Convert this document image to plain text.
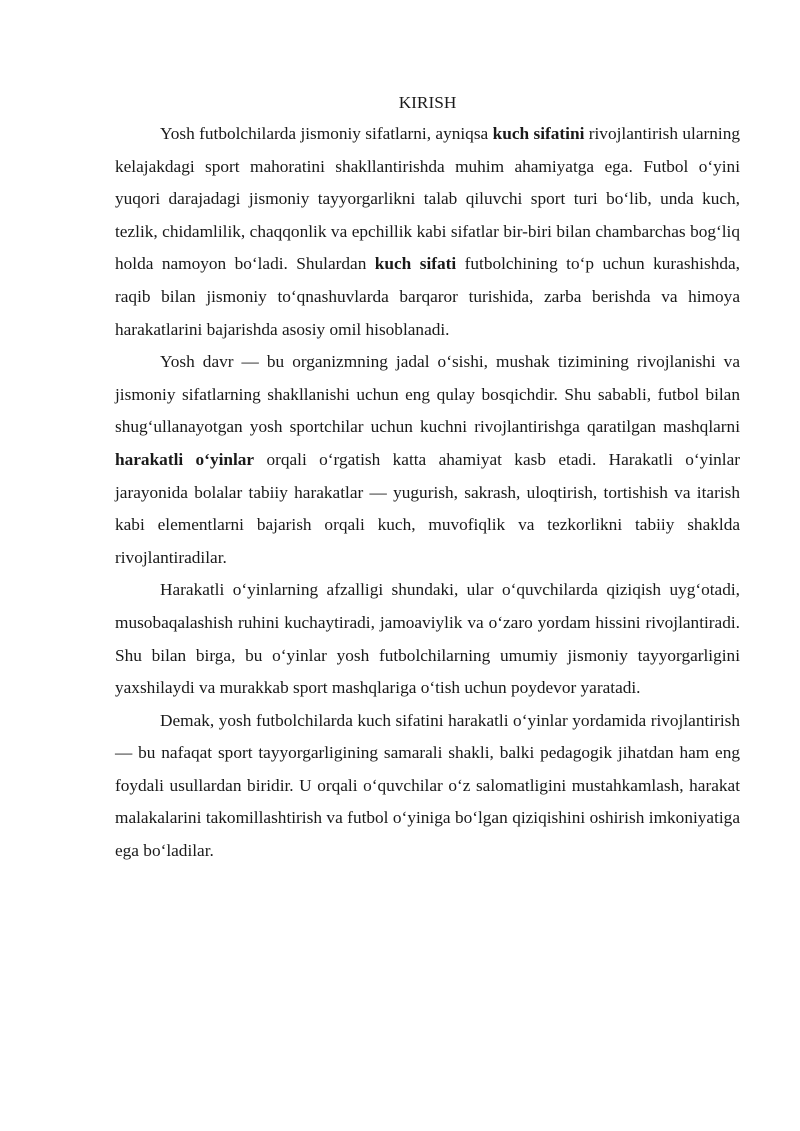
KIRISH

Yosh futbolchilarda jismoniy sifatlarni, ayniqsa kuch sifatini rivojlantirish ularning kelajakdagi sport mahoratini shakllantirishda muhim ahamiyatga ega. Futbol o‘yini yuqori darajadagi jismoniy tayyorgarlikni talab qiluvchi sport turi bo‘lib, unda kuch, tezlik, chidamlilik, chaqqonlik va epchillik kabi sifatlar bir-biri bilan chambarchas bog‘liq holda namoyon bo‘ladi. Shulardan kuch sifati futbolchining to‘p uchun kurashishda, raqib bilan jismoniy to‘qnashuvlarda barqaror turishida, zarba berishda va himoya harakatlarini bajarishda asosiy omil hisoblanadi.

Yosh davr — bu organizmning jadal o‘sishi, mushak tizimining rivojlanishi va jismoniy sifatlarning shakllanishi uchun eng qulay bosqichdir. Shu sababli, futbol bilan shug‘ullanayotgan yosh sportchilar uchun kuchni rivojlantirishga qaratilgan mashqlarni harakatli o‘yinlar orqali o‘rgatish katta ahamiyat kasb etadi. Harakatli o‘yinlar jarayonida bolalar tabiiy harakatlar — yugurish, sakrash, uloqtirish, tortishish va itarish kabi elementlarni bajarish orqali kuch, muvofiqlik va tezkorlikni tabiiy shaklda rivojlantiradilar.

Harakatli o‘yinlarning afzalligi shundaki, ular o‘quvchilarda qiziqish uyg‘otadi, musobaqalashish ruhini kuchaytiradi, jamoaviylik va o‘zaro yordam hissini rivojlantiradi. Shu bilan birga, bu o‘yinlar yosh futbolchilarning umumiy jismoniy tayyorgarligini yaxshilaydi va murakkab sport mashqlariga o‘tish uchun poydevor yaratadi.

Demak, yosh futbolchilarda kuch sifatini harakatli o‘yinlar yordamida rivojlantirish — bu nafaqat sport tayyorgarligining samarali shakli, balki pedagogik jihatdan ham eng foydali usullardan biridir. U orqali o‘quvchilar o‘z salomatligini mustahkamlash, harakat malakalarini takomillashtirish va futbol o‘yiniga bo‘lgan qiziqishini oshirish imkoniyatiga ega bo‘ladilar.
